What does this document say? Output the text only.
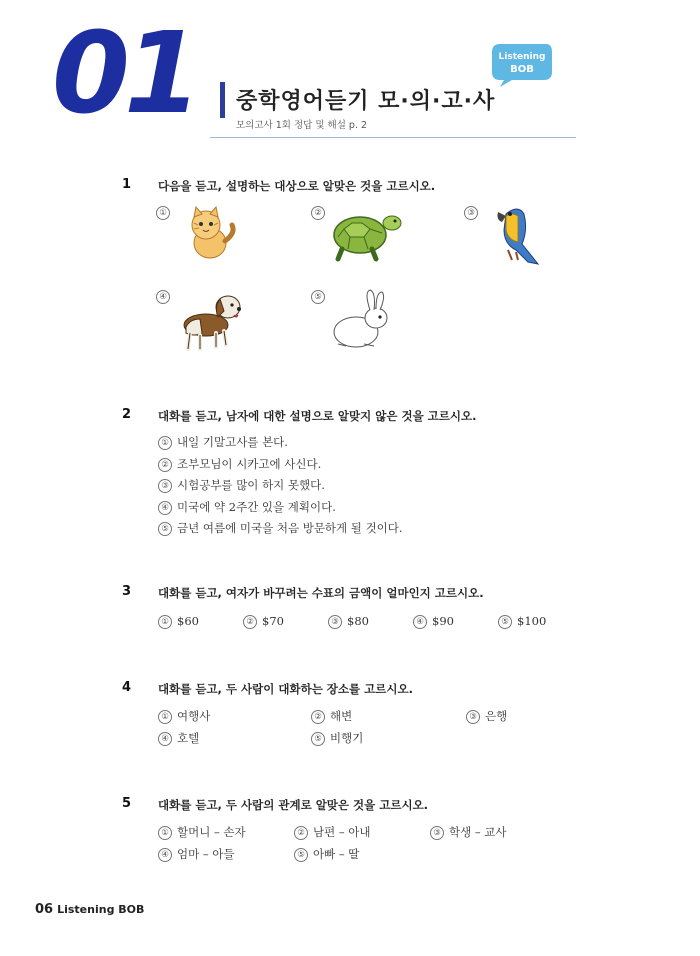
01 중학영어듣기 모·의·고·사
모의고사 1회 정답 및 해설 p. 2
Listening
BOB
1 다음을 듣고, 설명하는 대상으로 알맞은 것을 고르시오.
①	②	③
④	⑤
2 대화를 듣고, 남자에 대한 설명으로 알맞지 않은 것을 고르시오.
① 내일 기말고사를 본다.
② 조부모님이 시카고에 사신다.
③ 시험공부를 많이 하지 못했다.
④ 미국에 약 2주간 있을 계획이다.
⑤ 금년 여름에 미국을 처음 방문하게 될 것이다.
3 대화를 듣고, 여자가 바꾸려는 수표의 금액이 얼마인지 고르시오.
① $60	② $70	③ $80	④ $90	⑤ $100
4 대화를 듣고, 두 사람이 대화하는 장소를 고르시오.
① 여행사	② 해변	③ 은행
④ 호텔	⑤ 비행기
5 대화를 듣고, 두 사람의 관계로 알맞은 것을 고르시오.
① 할머니 – 손자	② 남편 – 아내	③ 학생 – 교사
④ 엄마 – 아들	⑤ 아빠 – 딸
06 Listening BOB
